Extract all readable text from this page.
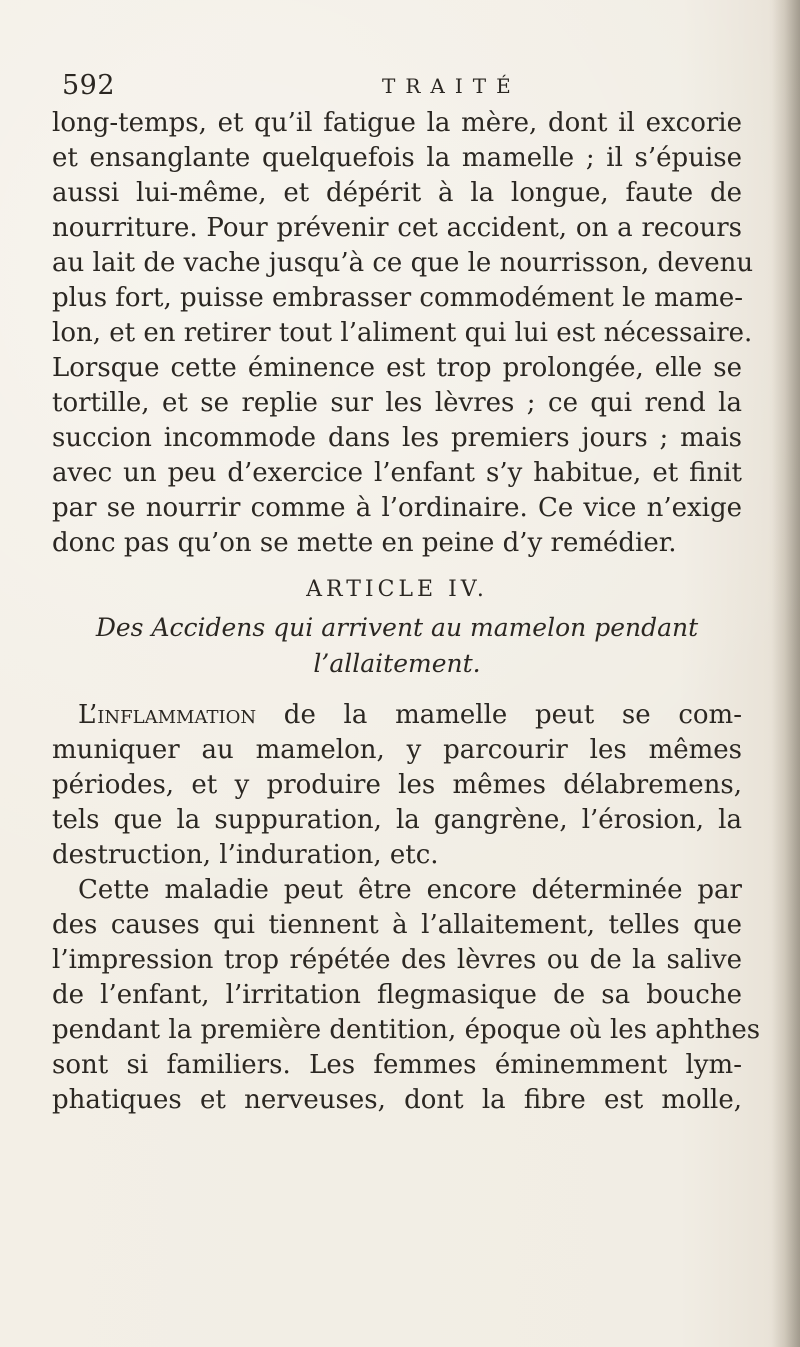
592	TRAITÉ
long-temps, et qu’il fatigue la mère, dont il excorie
et ensanglante quelquefois la mamelle ; il s’épuise
aussi lui-même, et dépérit à la longue, faute de
nourriture. Pour prévenir cet accident, on a recours
au lait de vache jusqu’à ce que le nourrisson, devenu
plus fort, puisse embrasser commodément le mame-
lon, et en retirer tout l’aliment qui lui est nécessaire.
Lorsque cette éminence est trop prolongée, elle se
tortille, et se replie sur les lèvres ; ce qui rend la
succion incommode dans les premiers jours ; mais
avec un peu d’exercice l’enfant s’y habitue, et finit
par se nourrir comme à l’ordinaire. Ce vice n’exige
donc pas qu’on se mette en peine d’y remédier.
ARTICLE IV.
Des Accidens qui arrivent au mamelon pendant
l’allaitement.
L’inflammation de la mamelle peut se com-
muniquer au mamelon, y parcourir les mêmes
périodes, et y produire les mêmes délabremens,
tels que la suppuration, la gangrène, l’érosion, la
destruction, l’induration, etc.
Cette maladie peut être encore déterminée par
des causes qui tiennent à l’allaitement, telles que
l’impression trop répétée des lèvres ou de la salive
de l’enfant, l’irritation flegmasique de sa bouche
pendant la première dentition, époque où les aphthes
sont si familiers. Les femmes éminemment lym-
phatiques et nerveuses, dont la fibre est molle,
